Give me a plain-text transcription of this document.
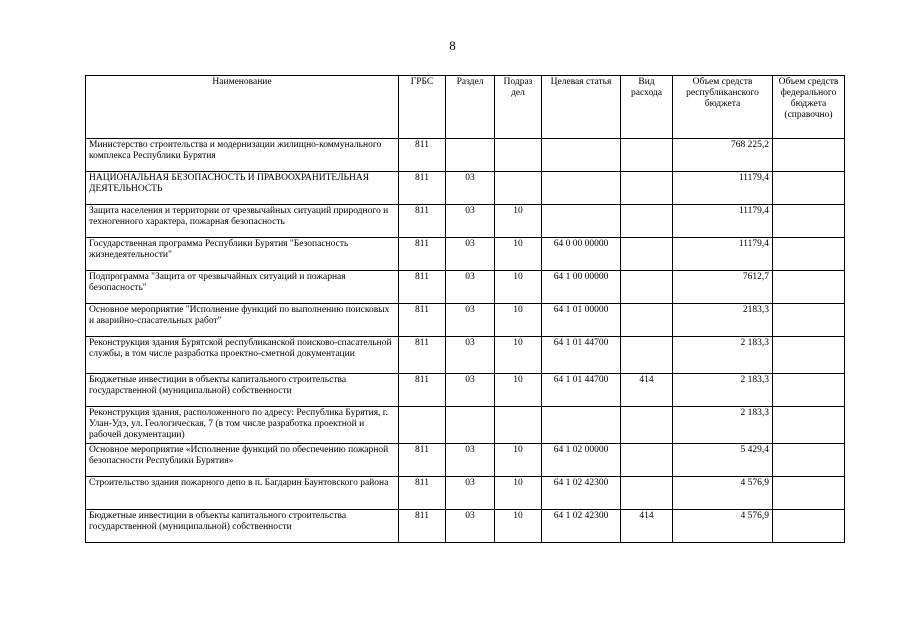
8
Наименование	ГРБС	Раздел	Подраз дел	Целевая статья	Вид расхода	Объем средств республиканского бюджета	Объем средств федерального бюджета (справочно)
Министерство строительства и модернизации жилищно-коммунального комплекса Республики Бурятия	811					768 225,2	
НАЦИОНАЛЬНАЯ БЕЗОПАСНОСТЬ И ПРАВООХРАНИТЕЛЬНАЯ ДЕЯТЕЛЬНОСТЬ	811	03				11179,4	
Защита населения и территории от чрезвычайных ситуаций природного и техногенного характера, пожарная безопасность	811	03	10			11179,4	
Государственная программа Республики Бурятия "Безопасность жизнедеятельности"	811	03	10	64 0 00 00000		11179,4	
Подпрограмма "Защита от чрезвычайных ситуаций и пожарная безопасность"	811	03	10	64 1 00 00000		7612,7	
Основное мероприятие "Исполнение функций по выполнению поисковых и аварийно-спасательных работ"	811	03	10	64 1 01 00000		2183,3	
Реконструкция здания Бурятской республиканской поисково-спасательной службы, в том числе разработка проектно-сметной документации	811	03	10	64 1 01 44700		2 183,3	
Бюджетные инвестиции в объекты капитального строительства государственной (муниципальной) собственности	811	03	10	64 1 01 44700	414	2 183,3	
Реконструкция здания, расположенного по адресу: Республика Бурятия, г. Улан-Удэ, ул. Геологическая, 7 (в том числе разработка проектной и рабочей документации)						2 183,3	
Основное мероприятие «Исполнение функций по обеспечению пожарной безопасности Республики Бурятия»	811	03	10	64 1 02 00000		5 429,4	
Строительство здания пожарного депо в п. Багдарин Баунтовского района	811	03	10	64 1 02 42300		4 576,9	
Бюджетные инвестиции в объекты капитального строительства государственной (муниципальной) собственности	811	03	10	64 1 02 42300	414	4 576,9	
